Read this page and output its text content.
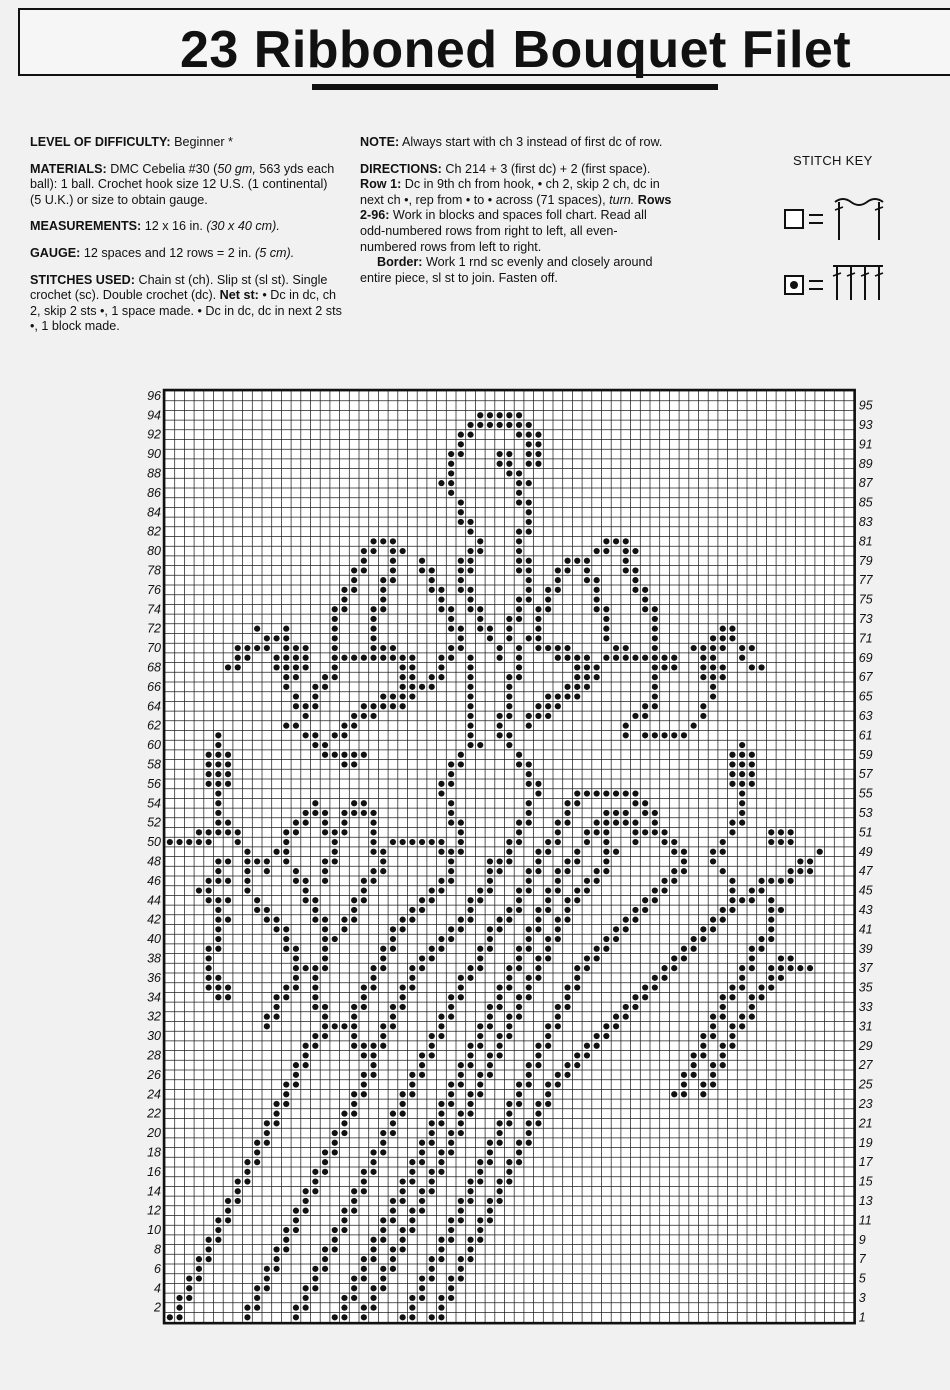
23 Ribboned Bouquet Filet

LEVEL OF DIFFICULTY: Beginner *

MATERIALS: DMC Cebelia #30 (50 gm, 563 yds each ball): 1 ball. Crochet hook size 12 U.S. (1 continental) (5 U.K.) or size to obtain gauge.

MEASUREMENTS: 12 x 16 in. (30 x 40 cm).

GAUGE: 12 spaces and 12 rows = 2 in. (5 cm).

STITCHES USED: Chain st (ch). Slip st (sl st). Single crochet (sc). Double crochet (dc). Net st: • Dc in dc, ch 2, skip 2 sts •, 1 space made. • Dc in dc, dc in next 2 sts •, 1 block made.

NOTE: Always start with ch 3 instead of first dc of row.

DIRECTIONS: Ch 214 + 3 (first dc) + 2 (first space). Row 1: Dc in 9th ch from hook, • ch 2, skip 2 ch, dc in next ch •, rep from • to • across (71 spaces), turn. Rows 2-96: Work in blocks and spaces foll chart. Read all odd-numbered rows from right to left, all even-numbered rows from left to right.
Border: Work 1 rnd sc evenly and closely around entire piece, sl st to join. Fasten off.

STITCH KEY
96
94
92
90
88
86
84
82
80
78
76
74
72
70
68
66
64
62
60
58
56
54
52
50
48
46
44
42
40
38
36
34
32
30
28
26
24
22
20
18
16
14
12
10
8
6
4
2
95
93
91
89
87
85
83
81
79
77
75
73
71
69
67
65
63
61
59
57
55
53
51
49
47
45
43
41
39
37
35
33
31
29
27
25
23
21
19
17
15
13
11
9
7
5
3
1
